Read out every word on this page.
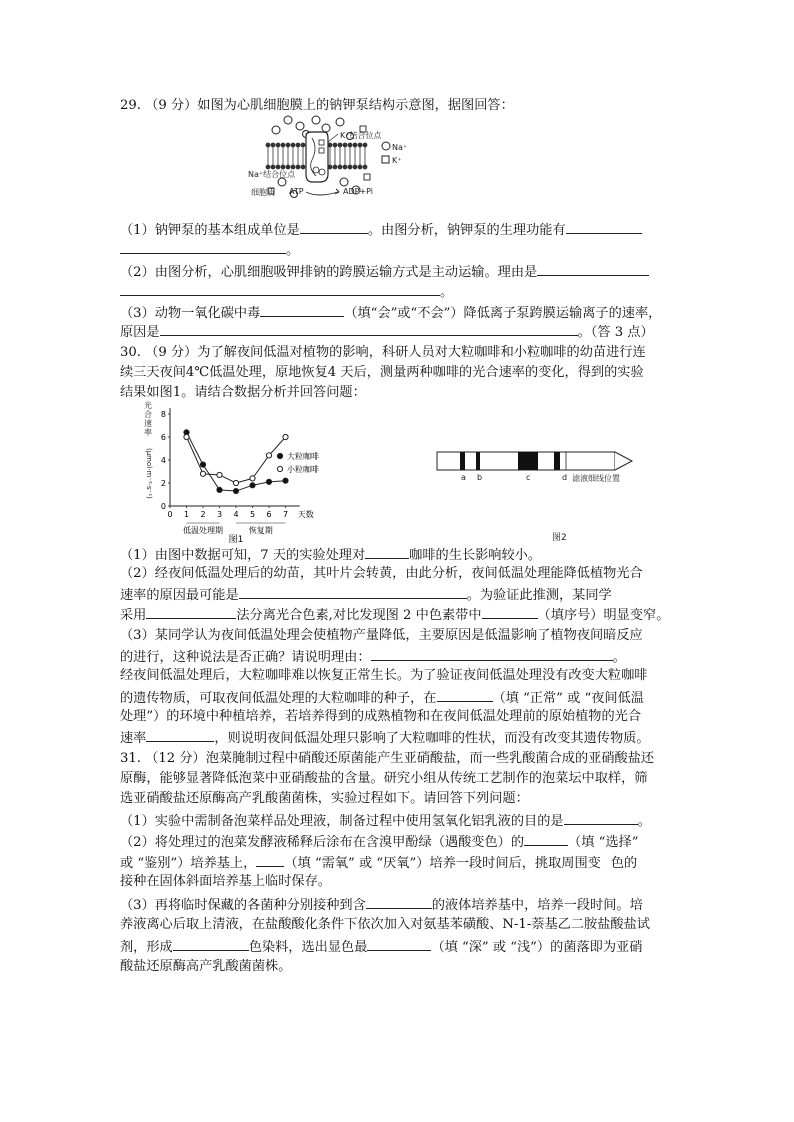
29. （9 分）如图为心肌细胞膜上的钠钾泵结构示意图，据图回答：
K⁺结合位点
Na⁺
K⁺
Na⁺结合位点
细胞质 ATP	ADP+Pi
（1）钠钾泵的基本组成单位是	。由图分析，钠钾泵的生理功能有
。
（2）由图分析，心肌细胞吸钾排钠的跨膜运输方式是主动运输。理由是
。
（3）动物一氧化碳中毒	（填“会”或“不会”）降低离子泵跨膜运输离子的速率，
原因是	。（答 3 点）
30. （9 分）为了解夜间低温对植物的影响，科研人员对大粒咖啡和小粒咖啡的幼苗进行连
续三天夜间4℃低温处理，原地恢复4 天后，测量两种咖啡的光合速率的变化，得到的实验
结果如图1。请结合数据分析并回答问题：
0
2
4
6
8
0 1 2 3 4 5 6 7 天数
低温处理期	恢复期
图1
大粒咖啡
小粒咖啡
光合速率
(μmol·m⁻²·s⁻¹)	a b	c	d 滤液细线位置
图2
（1）由图中数据可知，7 天的实验处理对	咖啡的生长影响较小。
（2）经夜间低温处理后的幼苗，其叶片会转黄，由此分析，夜间低温处理能降低植物光合
速率的原因最可能是	。为验证此推测，某同学
采用	法分离光合色素,对比发现图 2 中色素带中	（填序号）明显变窄。
（3）某同学认为夜间低温处理会使植物产量降低，主要原因是低温影响了植物夜间暗反应
的进行，这种说法是否正确？请说明理由：	。
经夜间低温处理后，大粒咖啡难以恢复正常生长。为了验证夜间低温处理没有改变大粒咖啡
的遗传物质，可取夜间低温处理的大粒咖啡的种子，在	（填 “正常” 或 “夜间低温
处理”）的环境中种植培养，若培养得到的成熟植物和在夜间低温处理前的原始植物的光合
速率	，则说明夜间低温处理只影响了大粒咖啡的性状，而没有改变其遗传物质。
31. （12 分）泡菜腌制过程中硝酸还原菌能产生亚硝酸盐，而一些乳酸菌合成的亚硝酸盐还
原酶，能够显著降低泡菜中亚硝酸盐的含量。研究小组从传统工艺制作的泡菜坛中取样，筛
选亚硝酸盐还原酶高产乳酸菌菌株，实验过程如下。请回答下列问题：
（1）实验中需制备泡菜样品处理液，制备过程中使用氢氧化铝乳液的目的是	。
（2）将处理过的泡菜发酵液稀释后涂布在含溴甲酚绿（遇酸变色）的	（填 “选择”
或 “鉴别”）培养基上， （填 “需氧” 或 “厌氧”）培养一段时间后，挑取周围变 色的
接种在固体斜面培养基上临时保存。
（3）再将临时保藏的各菌种分别接种到含	的液体培养基中，培养一段时间。培
养液离心后取上清液，在盐酸酸化条件下依次加入对氨基苯磺酸、N-1-萘基乙二胺盐酸盐试
剂，形成	色染料，选出显色最	（填 “深” 或 “浅”）的菌落即为亚硝
酸盐还原酶高产乳酸菌菌株。
